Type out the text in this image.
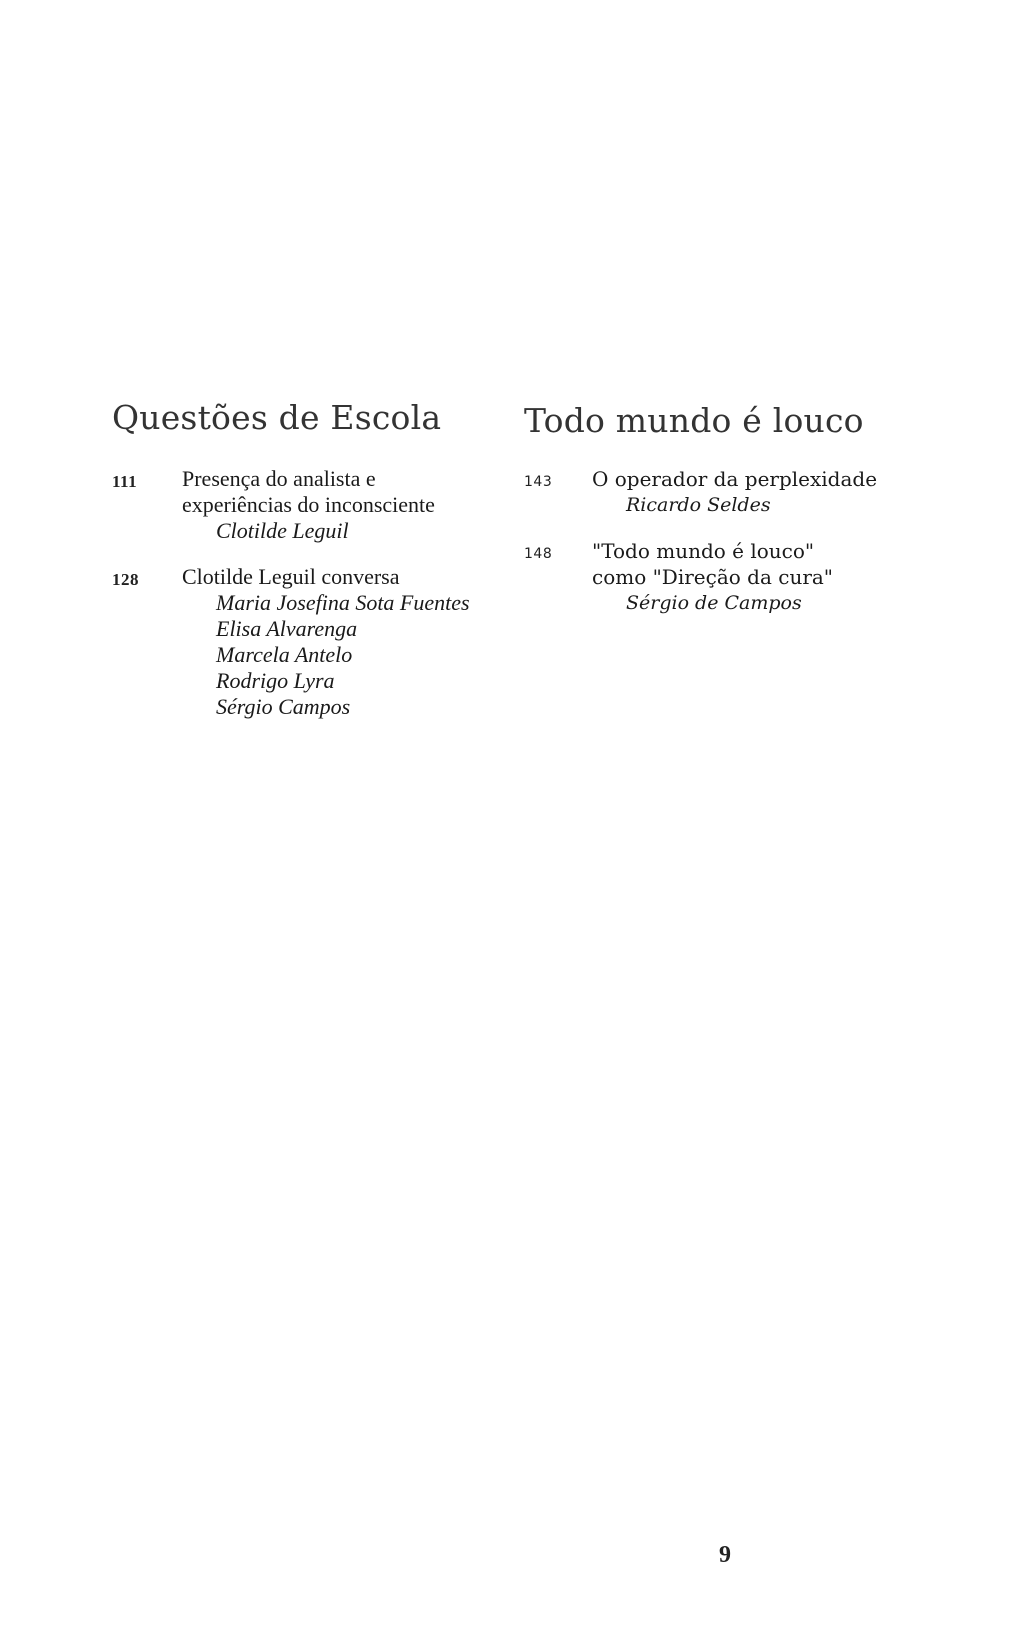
Questões de Escola
111 Presença do analista e
experiências do inconsciente
Clotilde Leguil
128 Clotilde Leguil conversa
Maria Josefina Sota Fuentes
Elisa Alvarenga
Marcela Antelo
Rodrigo Lyra
Sérgio Campos
Todo mundo é louco
143 O operador da perplexidade
Ricardo Seldes
148 "Todo mundo é louco"
como "Direção da cura"
Sérgio de Campos
9
